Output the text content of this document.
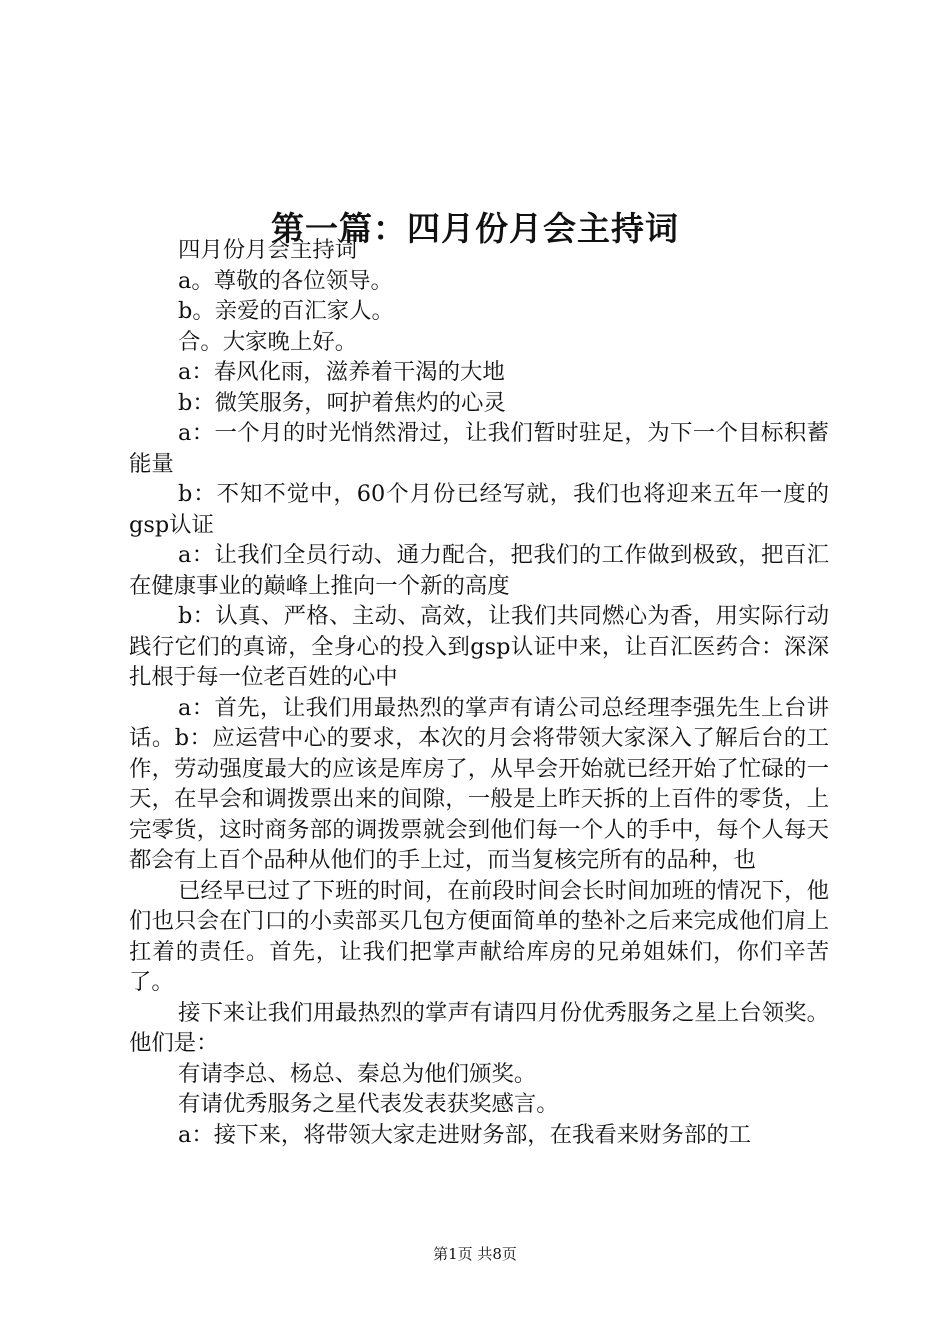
第一篇：四月份月会主持词

四月份月会主持词

a。尊敬的各位领导。

b。亲爱的百汇家人。

合。大家晚上好。

a：春风化雨，滋养着干渴的大地

b：微笑服务，呵护着焦灼的心灵

a：一个月的时光悄然滑过，让我们暂时驻足，为下一个目标积蓄能量

b：不知不觉中，60个月份已经写就，我们也将迎来五年一度的gsp认证

a：让我们全员行动、通力配合，把我们的工作做到极致，把百汇在健康事业的巅峰上推向一个新的高度

b：认真、严格、主动、高效，让我们共同燃心为香，用实际行动践行它们的真谛，全身心的投入到gsp认证中来，让百汇医药合：深深扎根于每一位老百姓的心中

a：首先，让我们用最热烈的掌声有请公司总经理李强先生上台讲话。b：应运营中心的要求，本次的月会将带领大家深入了解后台的工作，劳动强度最大的应该是库房了，从早会开始就已经开始了忙碌的一天，在早会和调拨票出来的间隙，一般是上昨天拆的上百件的零货，上完零货，这时商务部的调拨票就会到他们每一个人的手中，每个人每天都会有上百个品种从他们的手上过，而当复核完所有的品种，也

已经早已过了下班的时间，在前段时间会长时间加班的情况下，他们也只会在门口的小卖部买几包方便面简单的垫补之后来完成他们肩上扛着的责任。首先，让我们把掌声献给库房的兄弟姐妹们，你们辛苦了。

接下来让我们用最热烈的掌声有请四月份优秀服务之星上台领奖。他们是：

有请李总、杨总、秦总为他们颁奖。

有请优秀服务之星代表发表获奖感言。

a：接下来，将带领大家走进财务部，在我看来财务部的工

第1页 共8页
